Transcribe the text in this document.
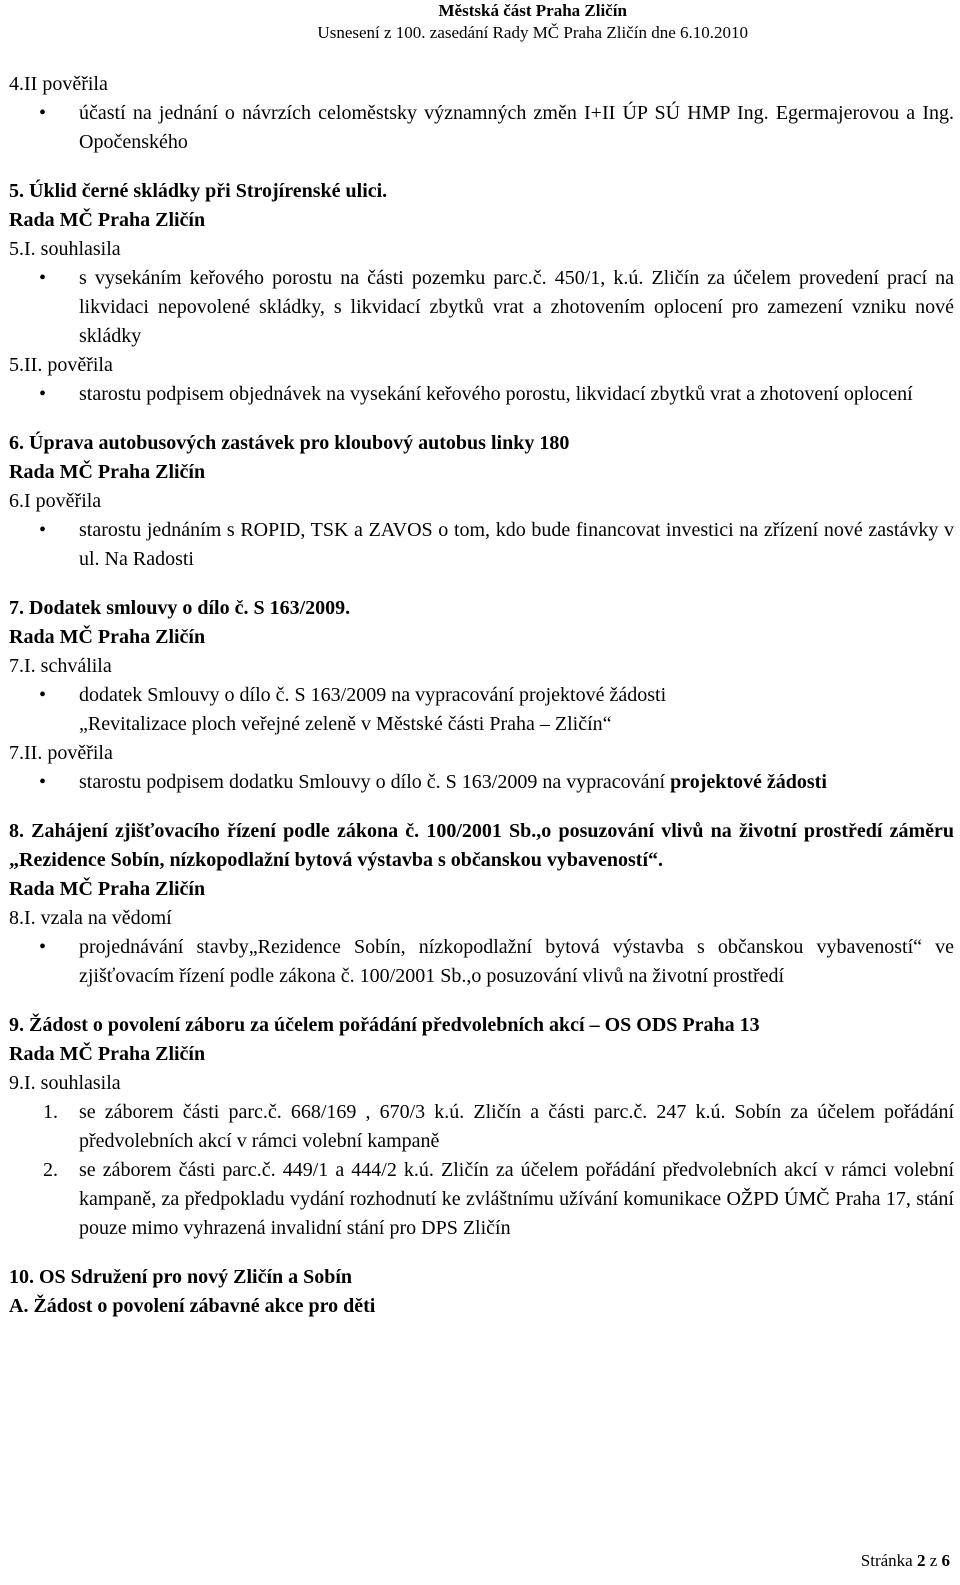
Městská část Praha Zličín
Usnesení z 100. zasedání Rady MČ Praha Zličín dne 6.10.2010

4.II pověřila

• účastí na jednání o návrzích celoměstsky významných změn I+II ÚP SÚ HMP Ing. Egermajerovou a Ing. Opočenského

5. Úklid černé skládky při Strojírenské ulici.

Rada MČ Praha Zličín

5.I. souhlasila

• s vysekáním keřového porostu na části pozemku parc.č. 450/1, k.ú. Zličín za účelem provedení prací na likvidaci nepovolené skládky, s likvidací zbytků vrat a zhotovením oplocení pro zamezení vzniku nové skládky

5.II. pověřila

• starostu podpisem objednávek na vysekání keřového porostu, likvidací zbytků vrat a zhotovení oplocení

6. Úprava autobusových zastávek pro kloubový autobus linky 180

Rada MČ Praha Zličín

6.I pověřila

• starostu jednáním s ROPID, TSK a ZAVOS o tom, kdo bude financovat investici na zřízení nové zastávky v ul. Na Radosti

7. Dodatek smlouvy o dílo č. S 163/2009.

Rada MČ Praha Zličín

7.I. schválila

• dodatek Smlouvy o dílo č. S 163/2009 na vypracování projektové žádosti
„Revitalizace ploch veřejné zeleně v Městské části Praha – Zličín“

7.II. pověřila

• starostu podpisem dodatku Smlouvy o dílo č. S 163/2009 na vypracování projektové žádosti

8. Zahájení zjišťovacího řízení podle zákona č. 100/2001 Sb.,o posuzování vlivů na životní prostředí záměru „Rezidence Sobín, nízkopodlažní bytová výstavba s občanskou vybaveností“.

Rada MČ Praha Zličín

8.I. vzala na vědomí

• projednávání stavby„Rezidence Sobín, nízkopodlažní bytová výstavba s občanskou vybaveností“ ve zjišťovacím řízení podle zákona č. 100/2001 Sb.,o posuzování vlivů na životní prostředí

9. Žádost o povolení záboru za účelem pořádání předvolebních akcí – OS ODS Praha 13

Rada MČ Praha Zličín

9.I. souhlasila

1. se záborem části parc.č. 668/169 , 670/3 k.ú. Zličín a části parc.č. 247 k.ú. Sobín za účelem pořádání předvolebních akcí v rámci volební kampaně
2. se záborem části parc.č. 449/1 a 444/2 k.ú. Zličín za účelem pořádání předvolebních akcí v rámci volební kampaně, za předpokladu vydání rozhodnutí ke zvláštnímu užívání komunikace OŽPD ÚMČ Praha 17, stání pouze mimo vyhrazená invalidní stání pro DPS Zličín

10. OS Sdružení pro nový Zličín a Sobín

A. Žádost o povolení zábavné akce pro děti

Stránka 2 z 6
